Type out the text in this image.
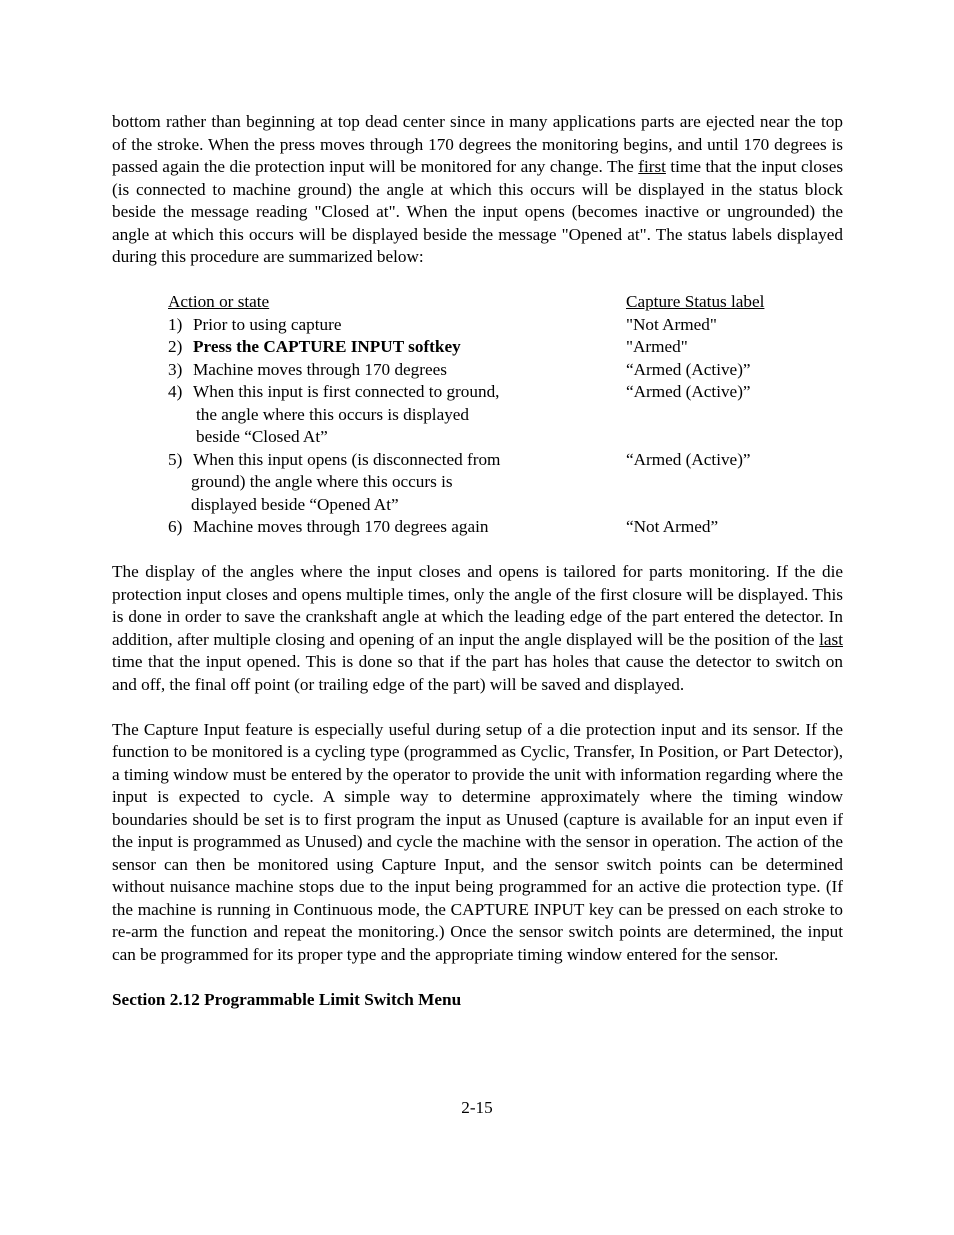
bottom rather than beginning at top dead center since in many applications parts are ejected near the top of the stroke. When the press moves through 170 degrees the monitoring begins, and until 170 degrees is passed again the die protection input will be monitored for any change. The first time that the input closes (is connected to machine ground) the angle at which this occurs will be displayed in the status block beside the message reading "Closed at". When the input opens (becomes inactive or ungrounded) the angle at which this occurs will be displayed beside the message "Opened at". The status labels displayed during this procedure are summarized below:

Action or state	Capture Status label

1) Prior to using capture	"Not Armed"

2) Press the CAPTURE INPUT softkey	"Armed"

3) Machine moves through 170 degrees	“Armed (Active)”

4) When this input is first connected to ground,
the angle where this occurs is displayed
beside “Closed At”	“Armed (Active)”

5) When this input opens (is disconnected from
ground) the angle where this occurs is
displayed beside “Opened At”	“Armed (Active)”

6) Machine moves through 170 degrees again	“Not Armed”

The display of the angles where the input closes and opens is tailored for parts monitoring. If the die protection input closes and opens multiple times, only the angle of the first closure will be displayed. This is done in order to save the crankshaft angle at which the leading edge of the part entered the detector. In addition, after multiple closing and opening of an input the angle displayed will be the position of the last time that the input opened. This is done so that if the part has holes that cause the detector to switch on and off, the final off point (or trailing edge of the part) will be saved and displayed.

The Capture Input feature is especially useful during setup of a die protection input and its sensor. If the function to be monitored is a cycling type (programmed as Cyclic, Transfer, In Position, or Part Detector), a timing window must be entered by the operator to provide the unit with information regarding where the input is expected to cycle. A simple way to determine approximately where the timing window boundaries should be set is to first program the input as Unused (capture is available for an input even if the input is programmed as Unused) and cycle the machine with the sensor in operation. The action of the sensor can then be monitored using Capture Input, and the sensor switch points can be determined without nuisance machine stops due to the input being programmed for an active die protection type. (If the machine is running in Continuous mode, the CAPTURE INPUT key can be pressed on each stroke to re-arm the function and repeat the monitoring.) Once the sensor switch points are determined, the input can be programmed for its proper type and the appropriate timing window entered for the sensor.

Section 2.12 Programmable Limit Switch Menu
2-15
